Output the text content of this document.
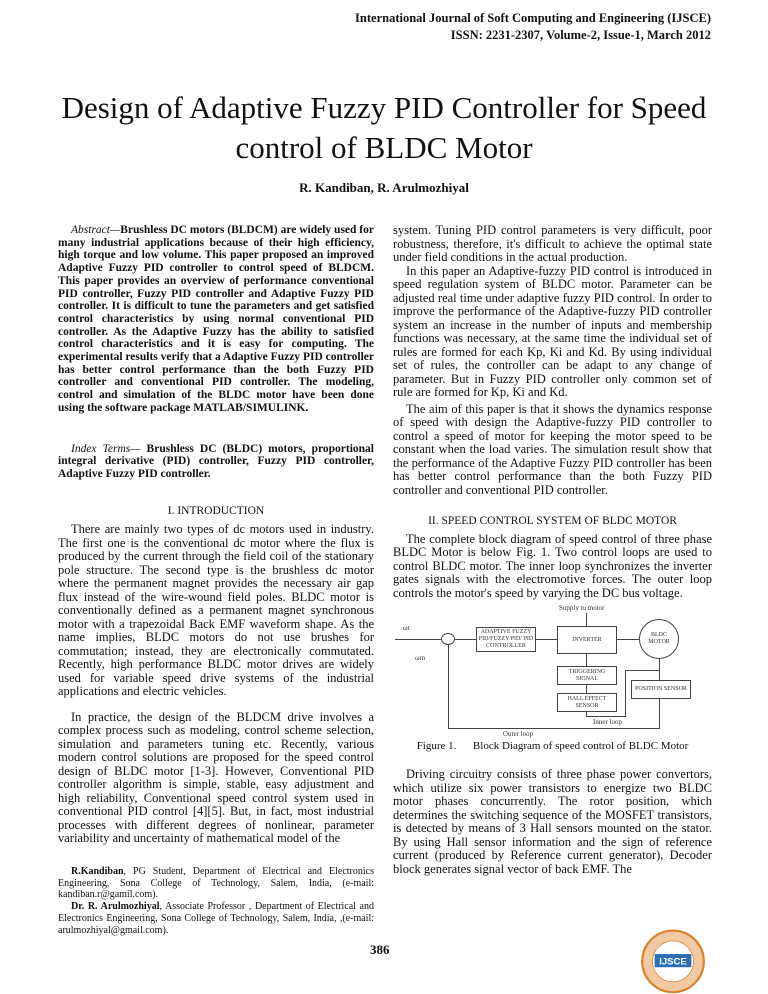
International Journal of Soft Computing and Engineering (IJSCE)
ISSN: 2231-2307, Volume-2, Issue-1, March 2012
Design of Adaptive Fuzzy PID Controller for Speed control of BLDC Motor
R. Kandiban, R. Arulmozhiyal

Abstract—Brushless DC motors (BLDCM) are widely used for many industrial applications because of their high efficiency, high torque and low volume. This paper proposed an improved Adaptive Fuzzy PID controller to control speed of BLDCM. This paper provides an overview of performance conventional PID controller, Fuzzy PID controller and Adaptive Fuzzy PID controller. It is difficult to tune the parameters and get satisfied control characteristics by using normal conventional PID controller. As the Adaptive Fuzzy has the ability to satisfied control characteristics and it is easy for computing. The experimental results verify that a Adaptive Fuzzy PID controller has better control performance than the both Fuzzy PID controller and conventional PID controller. The modeling, control and simulation of the BLDC motor have been done using the software package MATLAB/SIMULINK.

Index Terms— Brushless DC (BLDC) motors, proportional integral derivative (PID) controller, Fuzzy PID controller, Adaptive Fuzzy PID controller.

I. INTRODUCTION

There are mainly two types of dc motors used in industry. The first one is the conventional dc motor where the flux is produced by the current through the field coil of the stationary pole structure. The second type is the brushless dc motor where the permanent magnet provides the necessary air gap flux instead of the wire-wound field poles. BLDC motor is conventionally defined as a permanent magnet synchronous motor with a trapezoidal Back EMF waveform shape. As the name implies, BLDC motors do not use brushes for commutation; instead, they are electronically commutated. Recently, high performance BLDC motor drives are widely used for variable speed drive systems of the industrial applications and electric vehicles.

In practice, the design of the BLDCM drive involves a complex process such as modeling, control scheme selection, simulation and parameters tuning etc. Recently, various modern control solutions are proposed for the speed control design of BLDC motor [1-3]. However, Conventional PID controller algorithm is simple, stable, easy adjustment and high reliability, Conventional speed control system used in conventional PID control [4][5]. But, in fact, most industrial processes with different degrees of nonlinear, parameter variability and uncertainty of mathematical model of the

R.Kandiban, PG Student, Department of Electrical and Electronics Engineering, Sona College of Technology, Salem, India, (e-mail: kandiban.r@gamil.com).

Dr. R. Arulmozhiyal, Associate Professor , Department of Electrical and Electronics Engineering, Sona College of Technology, Salem, India, ,(e-mail: arulmozhiyal@gmail.com).

system. Tuning PID control parameters is very difficult, poor robustness, therefore, it's difficult to achieve the optimal state under field conditions in the actual production.

In this paper an Adaptive-fuzzy PID control is introduced in speed regulation system of BLDC motor. Parameter can be adjusted real time under adaptive fuzzy PID control. In order to improve the performance of the Adaptive-fuzzy PID controller system an increase in the number of inputs and membership functions was necessary, at the same time the individual set of rules are formed for each Kp, Ki and Kd. By using individual set of rules, the controller can be adapt to any change of parameter. But in Fuzzy PID controller only common set of rule are formed for Kp, Ki and Kd.

The aim of this paper is that it shows the dynamics response of speed with design the Adaptive-fuzzy PID controller to control a speed of motor for keeping the motor speed to be constant when the load varies. The simulation result show that the performance of the Adaptive Fuzzy PID controller has been has better control performance than the both Fuzzy PID controller and conventional PID controller.

II. SPEED CONTROL SYSTEM OF BLDC MOTOR

The complete block diagram of speed control of three phase BLDC Motor is below Fig. 1. Two control loops are used to control BLDC motor. The inner loop synchronizes the inverter gates signals with the electromotive forces. The outer loop controls the motor's speed by varying the DC bus voltage.

Supply to motor
ωr
ωm
ADAPTIVE FUZZY PID/FUZZY PID/ PID CONTROLLER
INVERTER
BLDC MOTOR
TRIGGERING SIGNAL
HALL EFFECT SENSOR
POSITION SENSOR
Inner loop
Outer loop
Figure 1. Block Diagram of speed control of BLDC Motor

Driving circuitry consists of three phase power convertors, which utilize six power transistors to energize two BLDC motor phases concurrently. The rotor position, which determines the switching sequence of the MOSFET transistors, is detected by means of 3 Hall sensors mounted on the stator. By using Hall sensor information and the sign of reference current (produced by Reference current generator), Decoder block generates signal vector of back EMF. The

386
IJSCE
